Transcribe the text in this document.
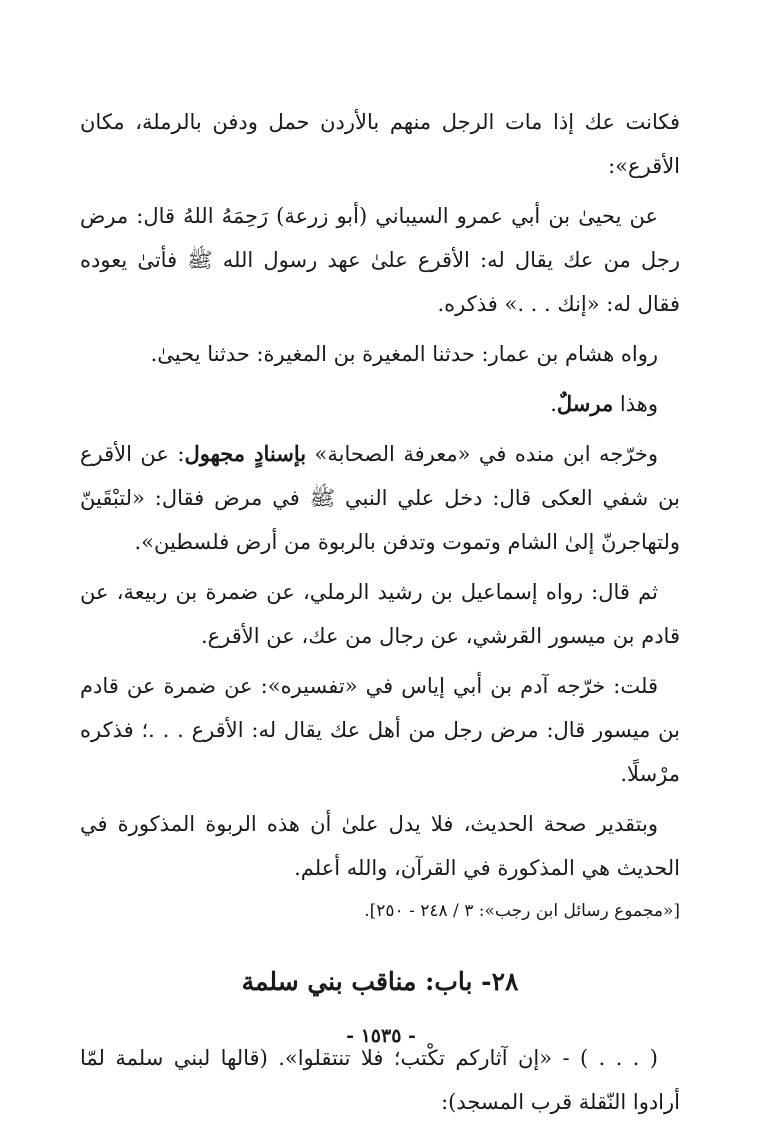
فكانت عك إذا مات الرجل منهم بالأردن حمل ودفن بالرملة، مكان الأقرع»:

عن يحيىٰ بن أبي عمرو السيباني (أبو زرعة) رَحِمَهُ اللهُ قال: مرض رجل من عك يقال له: الأقرع علىٰ عهد رسول الله ﷺ فأتىٰ يعوده فقال له: «إنك . . .» فذكره.

رواه هشام بن عمار: حدثنا المغيرة بن المغيرة: حدثنا يحيىٰ.

وهذا مرسلٌ.

وخرّجه ابن منده في «معرفة الصحابة» بإسنادٍ مجهول: عن الأقرع بن شفي العكى قال: دخل علي النبي ﷺ في مرض فقال: «لتبْقَينّ ولتهاجرنّ إلىٰ الشام وتموت وتدفن بالربوة من أرض فلسطين».

ثم قال: رواه إسماعيل بن رشيد الرملي، عن ضمرة بن ربيعة، عن قادم بن ميسور القرشي، عن رجال من عك، عن الأقرع.

قلت: خرّجه آدم بن أبي إياس في «تفسيره»: عن ضمرة عن قادم بن ميسور قال: مرض رجل من أهل عك يقال له: الأقرع . . .؛ فذكره مرْسلًا.

وبتقدير صحة الحديث، فلا يدل علىٰ أن هذه الربوة المذكورة في الحديث هي المذكورة في القرآن، والله أعلم.

[«مجموع رسائل ابن رجب»: ٣ / ٢٤٨ - ٢٥٠].

٢٨- باب: مناقب بني سلمة

( . . . ) - «إن آثاركم تكْتب؛ فلا تنتقلوا». (قالها لبني سلمة لمّا أرادوا النّقلة قرب المسجد):

- ١٥٣٥ -
